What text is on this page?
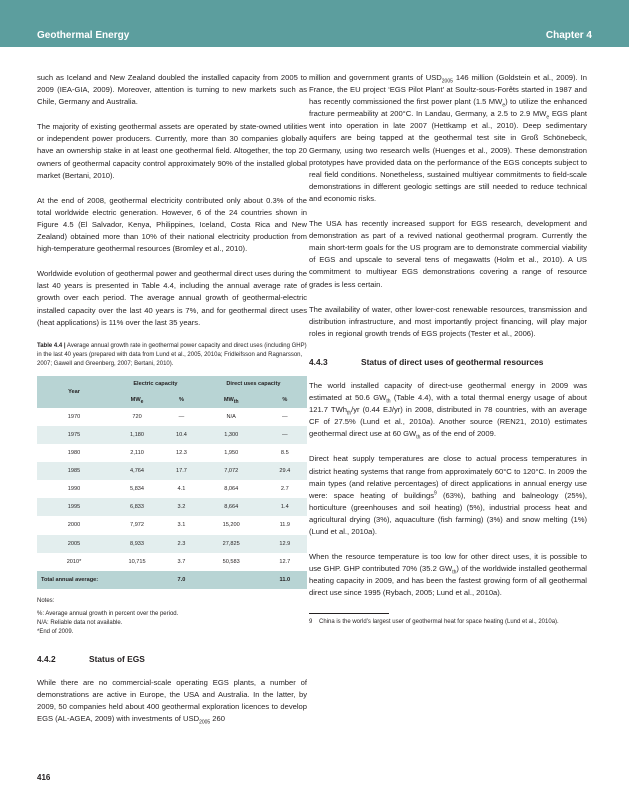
Geothermal Energy	Chapter 4

such as Iceland and New Zealand doubled the installed capacity from 2005 to 2009 (IEA-GIA, 2009). Moreover, attention is turning to new markets such as Chile, Germany and Australia.

The majority of existing geothermal assets are operated by state-owned utilities or independent power producers. Currently, more than 30 companies globally have an ownership stake in at least one geothermal field. Altogether, the top 20 owners of geothermal capacity control approximately 90% of the installed global market (Bertani, 2010).

At the end of 2008, geothermal electricity contributed only about 0.3% of the total worldwide electric generation. However, 6 of the 24 countries shown in Figure 4.5 (El Salvador, Kenya, Philippines, Iceland, Costa Rica and New Zealand) obtained more than 10% of their national electricity production from high-temperature geothermal resources (Bromley et al., 2010).

Worldwide evolution of geothermal power and geothermal direct uses during the last 40 years is presented in Table 4.4, including the annual average rate of growth over each period. The average annual growth of geothermal-electric installed capacity over the last 40 years is 7%, and for geothermal direct uses (heat applications) is 11% over the last 35 years.

Table 4.4 | Average annual growth rate in geothermal power capacity and direct uses (including GHP) in the last 40 years (prepared with data from Lund et al., 2005, 2010a; Fridleifsson and Ragnarsson, 2007; Gawell and Greenberg, 2007; Bertani, 2010).
Year	Electric capacity		Direct uses capacity	
	MWe	%	MWth	%
1970	720	—	N/A	—
1975	1,180	10.4	1,300	—
1980	2,110	12.3	1,950	8.5
1985	4,764	17.7	7,072	29.4
1990	5,834	4.1	8,064	2.7
1995	6,833	3.2	8,664	1.4
2000	7,972	3.1	15,200	11.9
2005	8,933	2.3	27,825	12.9
2010*	10,715	3.7	50,583	12.7
Total annual average:		7.0		11.0
Notes:
%: Average annual growth in percent over the period.
N/A: Reliable data not available.
*End of 2009.
4.4.2	Status of EGS

While there are no commercial-scale operating EGS plants, a number of demonstrations are active in Europe, the USA and Australia. In the latter, by 2009, 50 companies held about 400 geothermal exploration licences to develop EGS (AL-AGEA, 2009) with investments of $USD_{2005}$ 260

million and government grants of $USD_{2005}$ 146 million (Goldstein et al., 2009). In France, the EU project ‘EGS Pilot Plant’ at Soultz-sous-Forêts started in 1987 and has recently commissioned the first power plant (1.5 $MW_e$) to utilize the enhanced fracture permeability at 200°C. In Landau, Germany, a 2.5 to 2.9 $MW_e$ EGS plant went into operation in late 2007 (Hettkamp et al., 2010). Deep sedimentary aquifers are being tapped at the geothermal test site in Groß Schönebeck, Germany, using two research wells (Huenges et al., 2009). These demonstration prototypes have provided data on the performance of the EGS concepts subject to real field conditions. Nonetheless, sustained multiyear commitments to field-scale demonstrations in different geologic settings are still needed to reduce technical and economic risks.

The USA has recently increased support for EGS research, development and demonstration as part of a revived national geothermal program. Currently the main short-term goals for the US program are to demonstrate commercial viability of EGS and upscale to several tens of megawatts (Holm et al., 2010). A US commitment to multiyear EGS demonstrations covering a range of resource grades is less certain.

The availability of water, other lower-cost renewable resources, transmission and distribution infrastructure, and most importantly project financing, will play major roles in regional growth trends of EGS projects (Tester et al., 2006).

4.4.3	Status of direct uses of geothermal resources

The world installed capacity of direct-use geothermal energy in 2009 was estimated at 50.6 $GW_{th}$ (Table 4.4), with a total thermal energy usage of about 121.7 TWh$_{th}$/yr (0.44 EJ/yr) in 2008, distributed in 78 countries, with an average CF of 27.5% (Lund et al., 2010a). Another source (REN21, 2010) estimates geothermal direct use at 60 $GW_{th}$ as of the end of 2009.

Direct heat supply temperatures are close to actual process temperatures in district heating systems that range from approximately 60°C to 120°C. In 2009 the main types (and relative percentages) of direct applications in annual energy use were: space heating of buildings$^9$ (63%), bathing and balneology (25%), horticulture (greenhouses and soil heating) (5%), industrial process heat and agricultural drying (3%), aquaculture (fish farming) (3%) and snow melting (1%) (Lund et al., 2010a).

When the resource temperature is too low for other direct uses, it is possible to use GHP. GHP contributed 70% (35.2 $GW_{th}$) of the worldwide installed geothermal heating capacity in 2009, and has been the fastest growing form of all geothermal direct use since 1995 (Rybach, 2005; Lund et al., 2010a).

9	China is the world’s largest user of geothermal heat for space heating (Lund et al., 2010a).
416
